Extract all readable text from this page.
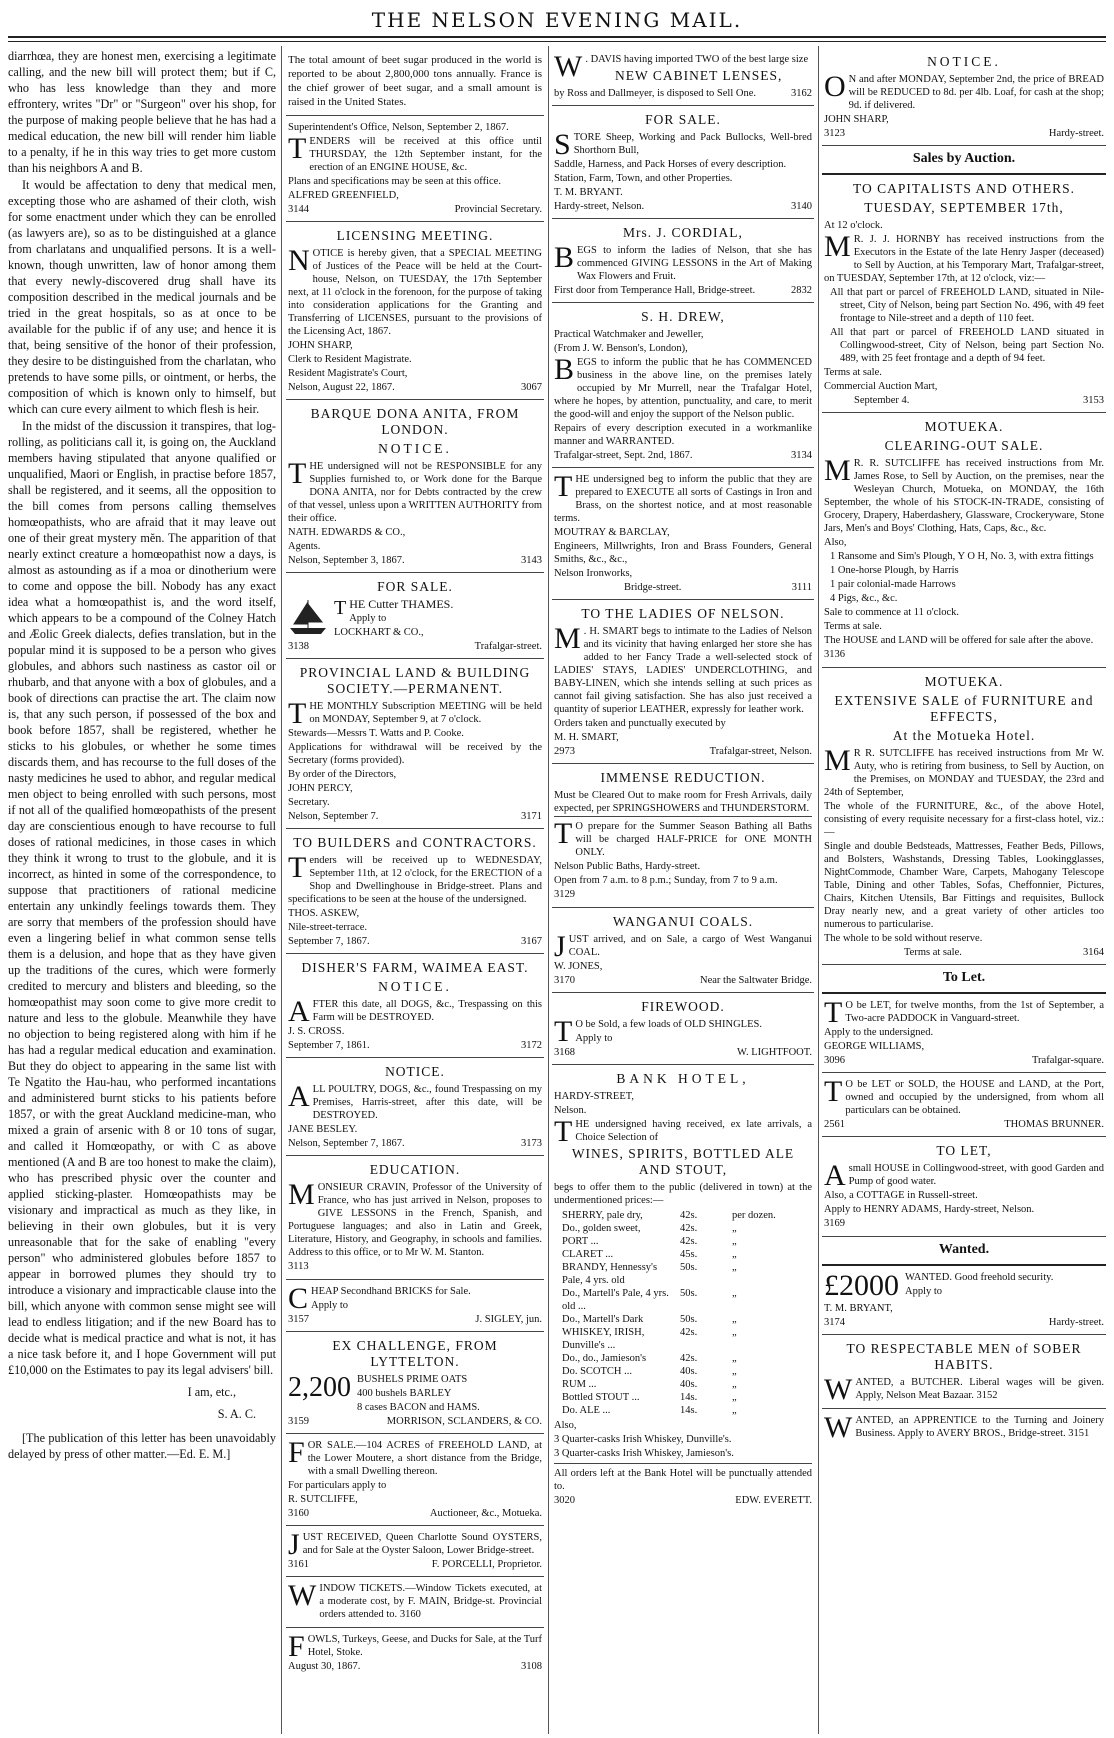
THE NELSON EVENING MAIL.

diarrhœa, they are honest men, exercising a legitimate calling, and the new bill will protect them; but if C, who has less knowledge than they and more effrontery, writes "Dr" or "Surgeon" over his shop, for the purpose of making people believe that he has had a medical education, the new bill will render him liable to a penalty, if he in this way tries to get more custom than his neighbors A and B.

It would be affectation to deny that medical men, excepting those who are ashamed of their cloth, wish for some enactment under which they can be enrolled (as lawyers are), so as to be distinguished at a glance from charlatans and unqualified persons. It is a well-known, though unwritten, law of honor among them that every newly-discovered drug shall have its composition described in the medical journals and be tried in the great hospitals, so as at once to be available for the public if of any use; and hence it is that, being sensitive of the honor of their profession, they desire to be distinguished from the charlatan, who pretends to have some pills, or ointment, or herbs, the composition of which is known only to himself, but which can cure every ailment to which flesh is heir.

In the midst of the discussion it transpires, that log-rolling, as politicians call it, is going on, the Auckland members having stipulated that anyone qualified or unqualified, Maori or English, in practise before 1857, shall be registered, and it seems, all the opposition to the bill comes from persons calling themselves homœopathists, who are afraid that it may leave out one of their great mystery mĕn. The apparition of that nearly extinct creature a homœopathist now a days, is almost as astounding as if a moa or dinotherium were to come and oppose the bill. Nobody has any exact idea what a homœopathist is, and the word itself, which appears to be a compound of the Colney Hatch and Æolic Greek dialects, defies translation, but in the popular mind it is supposed to be a person who gives globules, and abhors such nastiness as castor oil or rhubarb, and that anyone with a box of globules, and a book of directions can practise the art. The claim now is, that any such person, if possessed of the box and book before 1857, shall be registered, whether he sticks to his globules, or whether he some times discards them, and has recourse to the full doses of the nasty medicines he used to abhor, and regular medical men object to being enrolled with such persons, most if not all of the qualified homœopathists of the present day are conscientious enough to have recourse to full doses of rational medicines, in those cases in which they think it wrong to trust to the globule, and it is incorrect, as hinted in some of the correspondence, to suppose that practitioners of rational medicine entertain any unkindly feelings towards them. They are sorry that members of the profession should have even a lingering belief in what common sense tells them is a delusion, and hope that as they have given up the traditions of the cures, which were formerly credited to mercury and blisters and bleeding, so the homœopathist may soon come to give more credit to nature and less to the globule. Meanwhile they have no objection to being registered along with him if he has had a regular medical education and examination. But they do object to appearing in the same list with Te Ngatito the Hau-hau, who performed incantations and administered burnt sticks to his patients before 1857, or with the great Auckland medicine-man, who mixed a grain of arsenic with 8 or 10 tons of sugar, and called it Homœopathy, or with C as above mentioned (A and B are too honest to make the claim), who has prescribed physic over the counter and applied sticking-plaster. Homœopathists may be visionary and impractical as much as they like, in believing in their own globules, but it is very unreasonable that for the sake of enabling "every person" who administered globules before 1857 to appear in borrowed plumes they should try to introduce a visionary and impracticable clause into the bill, which anyone with common sense might see will lead to endless litigation; and if the new Board has to decide what is medical practice and what is not, it has a nice task before it, and I hope Government will put £10,000 on the Estimates to pay its legal advisers' bill.

I am, etc.,
S. A. C.

[The publication of this letter has been unavoidably delayed by press of other matter.—Ed. E. M.]

The total amount of beet sugar produced in the world is reported to be about 2,800,000 tons annually. France is the chief grower of beet sugar, and a small amount is raised in the United States.

Superintendent's Office, Nelson, September 2, 1867.

TENDERS will be received at this office until THURSDAY, the 12th September instant, for the erection of an ENGINE HOUSE, &c.

Plans and specifications may be seen at this office.

ALFRED GREENFIELD,

3144	Provincial Secretary.
LICENSING MEETING.

NOTICE is hereby given, that a SPECIAL MEETING of Justices of the Peace will be held at the Court-house, Nelson, on TUESDAY, the 17th September next, at 11 o'clock in the forenoon, for the purpose of taking into consideration applications for the Granting and Transferring of LICENSES, pursuant to the provisions of the Licensing Act, 1867.

JOHN SHARP,

Clerk to Resident Magistrate.

Resident Magistrate's Court,

Nelson, August 22, 1867.	3067
BARQUE DONA ANITA, FROM LONDON.
NOTICE.

THE undersigned will not be RESPONSIBLE for any Supplies furnished to, or Work done for the Barque DONA ANITA, nor for Debts contracted by the crew of that vessel, unless upon a WRITTEN AUTHORITY from their office.

NATH. EDWARDS & CO.,

Agents.

Nelson, September 3, 1867.	3143
FOR SALE.

THE Cutter THAMES.

Apply to

LOCKHART & CO.,

3138	Trafalgar-street.
PROVINCIAL LAND & BUILDING SOCIETY.—PERMANENT.

THE MONTHLY Subscription MEETING will be held on MONDAY, September 9, at 7 o'clock.

Stewards—Messrs T. Watts and P. Cooke.

Applications for withdrawal will be received by the Secretary (forms provided).

By order of the Directors,

JOHN PERCY,

Secretary.

Nelson, September 7.	3171
TO BUILDERS and CONTRACTORS.

Tenders will be received up to WEDNESDAY, September 11th, at 12 o'clock, for the ERECTION of a Shop and Dwellinghouse in Bridge-street. Plans and specifications to be seen at the house of the undersigned.

THOS. ASKEW,

Nile-street-terrace.

September 7, 1867.	3167
DISHER'S FARM, WAIMEA EAST.
NOTICE.

AFTER this date, all DOGS, &c., Trespassing on this Farm will be DESTROYED.

J. S. CROSS.

September 7, 1861.	3172
NOTICE.

ALL POULTRY, DOGS, &c., found Trespassing on my Premises, Harris-street, after this date, will be DESTROYED.

JANE BESLEY.

Nelson, September 7, 1867.	3173
EDUCATION.

MONSIEUR CRAVIN, Professor of the University of France, who has just arrived in Nelson, proposes to GIVE LESSONS in the French, Spanish, and Portuguese languages; and also in Latin and Greek, Literature, History, and Geography, in schools and families. Address to this office, or to Mr W. M. Stanton.

3113

CHEAP Secondhand BRICKS for Sale.

Apply to

3157	J. SIGLEY, jun.
EX CHALLENGE, FROM LYTTELTON.
2,200 BUSHELS PRIME OATS

400 bushels BARLEY

8 cases BACON and HAMS.

3159	MORRISON, SCLANDERS, & CO.

FOR SALE.—104 ACRES of FREEHOLD LAND, at the Lower Moutere, a short distance from the Bridge, with a small Dwelling thereon.

For particulars apply to

R. SUTCLIFFE,

3160	Auctioneer, &c., Motueka.

JUST RECEIVED, Queen Charlotte Sound OYSTERS, and for Sale at the Oyster Saloon, Lower Bridge-street.

3161	F. PORCELLI, Proprietor.

WINDOW TICKETS.—Window Tickets executed, at a moderate cost, by F. MAIN, Bridge-st. Provincial orders attended to. 3160

FOWLS, Turkeys, Geese, and Ducks for Sale, at the Turf Hotel, Stoke.

August 30, 1867.	3108

W . DAVIS having imported TWO of the best large size

NEW CABINET LENSES,
by Ross and Dallmeyer, is disposed to Sell One.	3162
FOR SALE.

STORE Sheep, Working and Pack Bullocks, Well-bred Shorthorn Bull,

Saddle, Harness, and Pack Horses of every description.

Station, Farm, Town, and other Properties.

T. M. BRYANT.

Hardy-street, Nelson.	3140
Mrs. J. CORDIAL,

BEGS to inform the ladies of Nelson, that she has commenced GIVING LESSONS in the Art of Making Wax Flowers and Fruit.

First door from Temperance Hall, Bridge-street.	2832
S. H. DREW,

Practical Watchmaker and Jeweller,

(From J. W. Benson's, London),

BEGS to inform the public that he has COMMENCED business in the above line, on the premises lately occupied by Mr Murrell, near the Trafalgar Hotel, where he hopes, by attention, punctuality, and care, to merit the good-will and enjoy the support of the Nelson public.

Repairs of every description executed in a workmanlike manner and WARRANTED.

Trafalgar-street, Sept. 2nd, 1867.	3134

THE undersigned beg to inform the public that they are prepared to EXECUTE all sorts of Castings in Iron and Brass, on the shortest notice, and at most reasonable terms.

MOUTRAY & BARCLAY,

Engineers, Millwrights, Iron and Brass Founders, General Smiths, &c., &c.,

Nelson Ironworks,

Bridge-street.	3111
TO THE LADIES OF NELSON.

M . H. SMART begs to intimate to the Ladies of Nelson and its vicinity that having enlarged her store she has added to her Fancy Trade a well-selected stock of LADIES' STAYS, LADIES' UNDERCLOTHING, and BABY-LINEN, which she intends selling at such prices as cannot fail giving satisfaction. She has also just received a quantity of superior LEATHER, expressly for leather work.

Orders taken and punctually executed by

M. H. SMART,

2973	Trafalgar-street, Nelson.
IMMENSE REDUCTION.

Must be Cleared Out to make room for Fresh Arrivals, daily expected, per SPRINGSHOWERS and THUNDERSTORM.

T O prepare for the Summer Season Bathing all Baths will be charged HALF-PRICE for ONE MONTH ONLY.

Nelson Public Baths, Hardy-street.

Open from 7 a.m. to 8 p.m.; Sunday, from 7 to 9 a.m.

3129

WANGANUI COALS.

JUST arrived, and on Sale, a cargo of West Wanganui COAL.

W. JONES,

3170	Near the Saltwater Bridge.
FIREWOOD.

T O be Sold, a few loads of OLD SHINGLES.

Apply to

3168	W. LIGHTFOOT.
BANK HOTEL,

HARDY-STREET,

Nelson.

THE undersigned having received, ex late arrivals, a Choice Selection of

WINES, SPIRITS, BOTTLED ALE AND STOUT,

begs to offer them to the public (delivered in town) at the undermentioned prices:—

SHERRY, pale dry,	42s.	per dozen.
Do., golden sweet,	42s.	„
PORT ...	42s.	„
CLARET ...	45s.	„
BRANDY, Hennessy's Pale, 4 yrs. old
50s.	„
Do., Martell's Pale, 4 yrs. old ...
50s.	„
Do., Martell's Dark	50s.	„
WHISKEY, IRISH, Dunville's ...
42s.	„
Do., do., Jamieson's	42s.	„
Do. SCOTCH ...	40s.	„
RUM ...	40s.	„
Bottled STOUT ...	14s.	„
Do. ALE ...	14s.	„

Also,

3 Quarter-casks Irish Whiskey, Dunville's.

3 Quarter-casks Irish Whiskey, Jamieson's.

All orders left at the Bank Hotel will be punctually attended to.

3020	EDW. EVERETT.
NOTICE.

O N and after MONDAY, September 2nd, the price of BREAD will be REDUCED to 8d. per 4lb. Loaf, for cash at the shop; 9d. if delivered.

JOHN SHARP,

3123	Hardy-street.
Sales by Auction.
TO CAPITALISTS AND OTHERS.
TUESDAY, SEPTEMBER 17th,

At 12 o'clock.

M R. J. J. HORNBY has received instructions from the Executors in the Estate of the late Henry Jasper (deceased) to Sell by Auction, at his Temporary Mart, Trafalgar-street, on TUESDAY, September 17th, at 12 o'clock, viz:—

All that part or parcel of FREEHOLD LAND, situated in Nile-street, City of Nelson, being part Section No. 496, with 49 feet frontage to Nile-street and a depth of 110 feet.

All that part or parcel of FREEHOLD LAND situated in Collingwood-street, City of Nelson, being part Section No. 489, with 25 feet frontage and a depth of 94 feet.

Terms at sale.

Commercial Auction Mart,

September 4.	3153
MOTUEKA.
CLEARING-OUT SALE.

M R. R. SUTCLIFFE has received instructions from Mr. James Rose, to Sell by Auction, on the premises, near the Wesleyan Church, Motueka, on MONDAY, the 16th September, the whole of his STOCK-IN-TRADE, consisting of Grocery, Drapery, Haberdashery, Glassware, Crockeryware, Stone Jars, Men's and Boys' Clothing, Hats, Caps, &c., &c.

Also,

1 Ransome and Sim's Plough, Y O H, No. 3, with extra fittings

1 One-horse Plough, by Harris

1 pair colonial-made Harrows

4 Pigs, &c., &c.

Sale to commence at 11 o'clock.

Terms at sale.

The HOUSE and LAND will be offered for sale after the above.

3136

MOTUEKA.
EXTENSIVE SALE of FURNITURE and EFFECTS,
At the Motueka Hotel.

M R R. SUTCLIFFE has received instructions from Mr W. Auty, who is retiring from business, to Sell by Auction, on the Premises, on MONDAY and TUESDAY, the 23rd and 24th of September,

The whole of the FURNITURE, &c., of the above Hotel, consisting of every requisite necessary for a first-class hotel, viz.:—

Single and double Bedsteads, Mattresses, Feather Beds, Pillows, and Bolsters, Washstands, Dressing Tables, Lookingglasses, NightCommode, Chamber Ware, Carpets, Mahogany Telescope Table, Dining and other Tables, Sofas, Cheffonnier, Pictures, Chairs, Kitchen Utensils, Bar Fittings and requisites, Bullock Dray nearly new, and a great variety of other articles too numerous to particularise.

The whole to be sold without reserve.

Terms at sale.	3164
To Let.

T O be LET, for twelve months, from the 1st of September, a Two-acre PADDOCK in Vanguard-street.

Apply to the undersigned.

GEORGE WILLIAMS,

3096	Trafalgar-square.

T O be LET or SOLD, the HOUSE and LAND, at the Port, owned and occupied by the undersigned, from whom all particulars can be obtained.

2561	THOMAS BRUNNER.
TO LET,

Asmall HOUSE in Collingwood-street, with good Garden and Pump of good water.

Also, a COTTAGE in Russell-street.

Apply to HENRY ADAMS, Hardy-street, Nelson.

3169

Wanted.
£2000 WANTED. Good freehold security.

Apply to

T. M. BRYANT,

3174	Hardy-street.
TO RESPECTABLE MEN of SOBER HABITS.

WANTED, a BUTCHER. Liberal wages will be given. Apply, Nelson Meat Bazaar. 3152

WANTED, an APPRENTICE to the Turning and Joinery Business. Apply to AVERY BROS., Bridge-street. 3151
